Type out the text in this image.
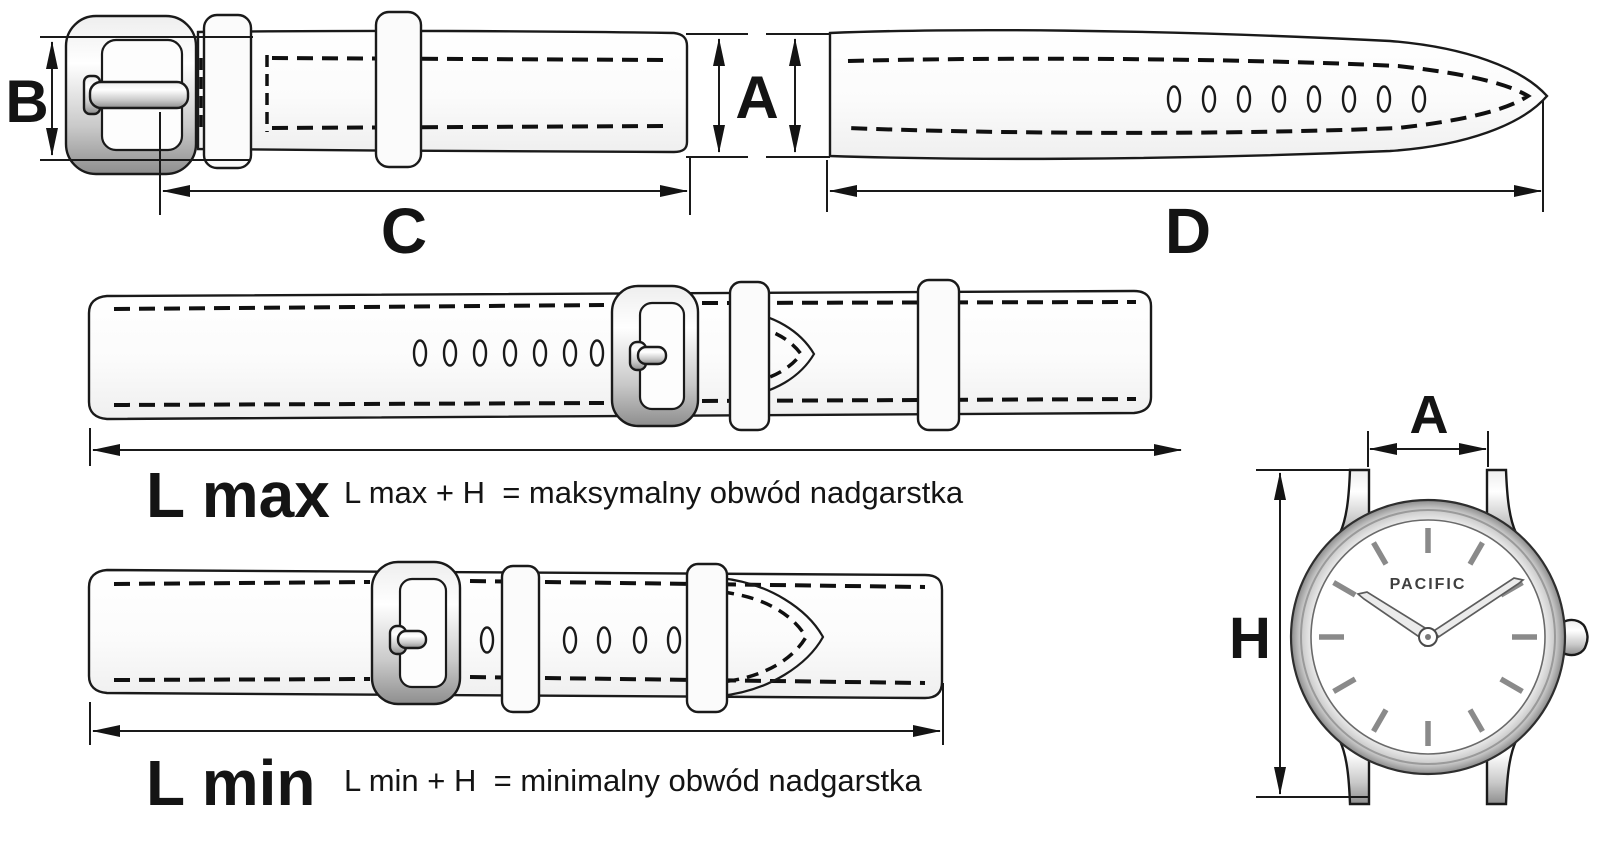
B	A
C	D
L max L max + H  = maksymalny obwód nadgarstka
L min L min + H  = minimalny obwód nadgarstka
A
H
PACIFIC
